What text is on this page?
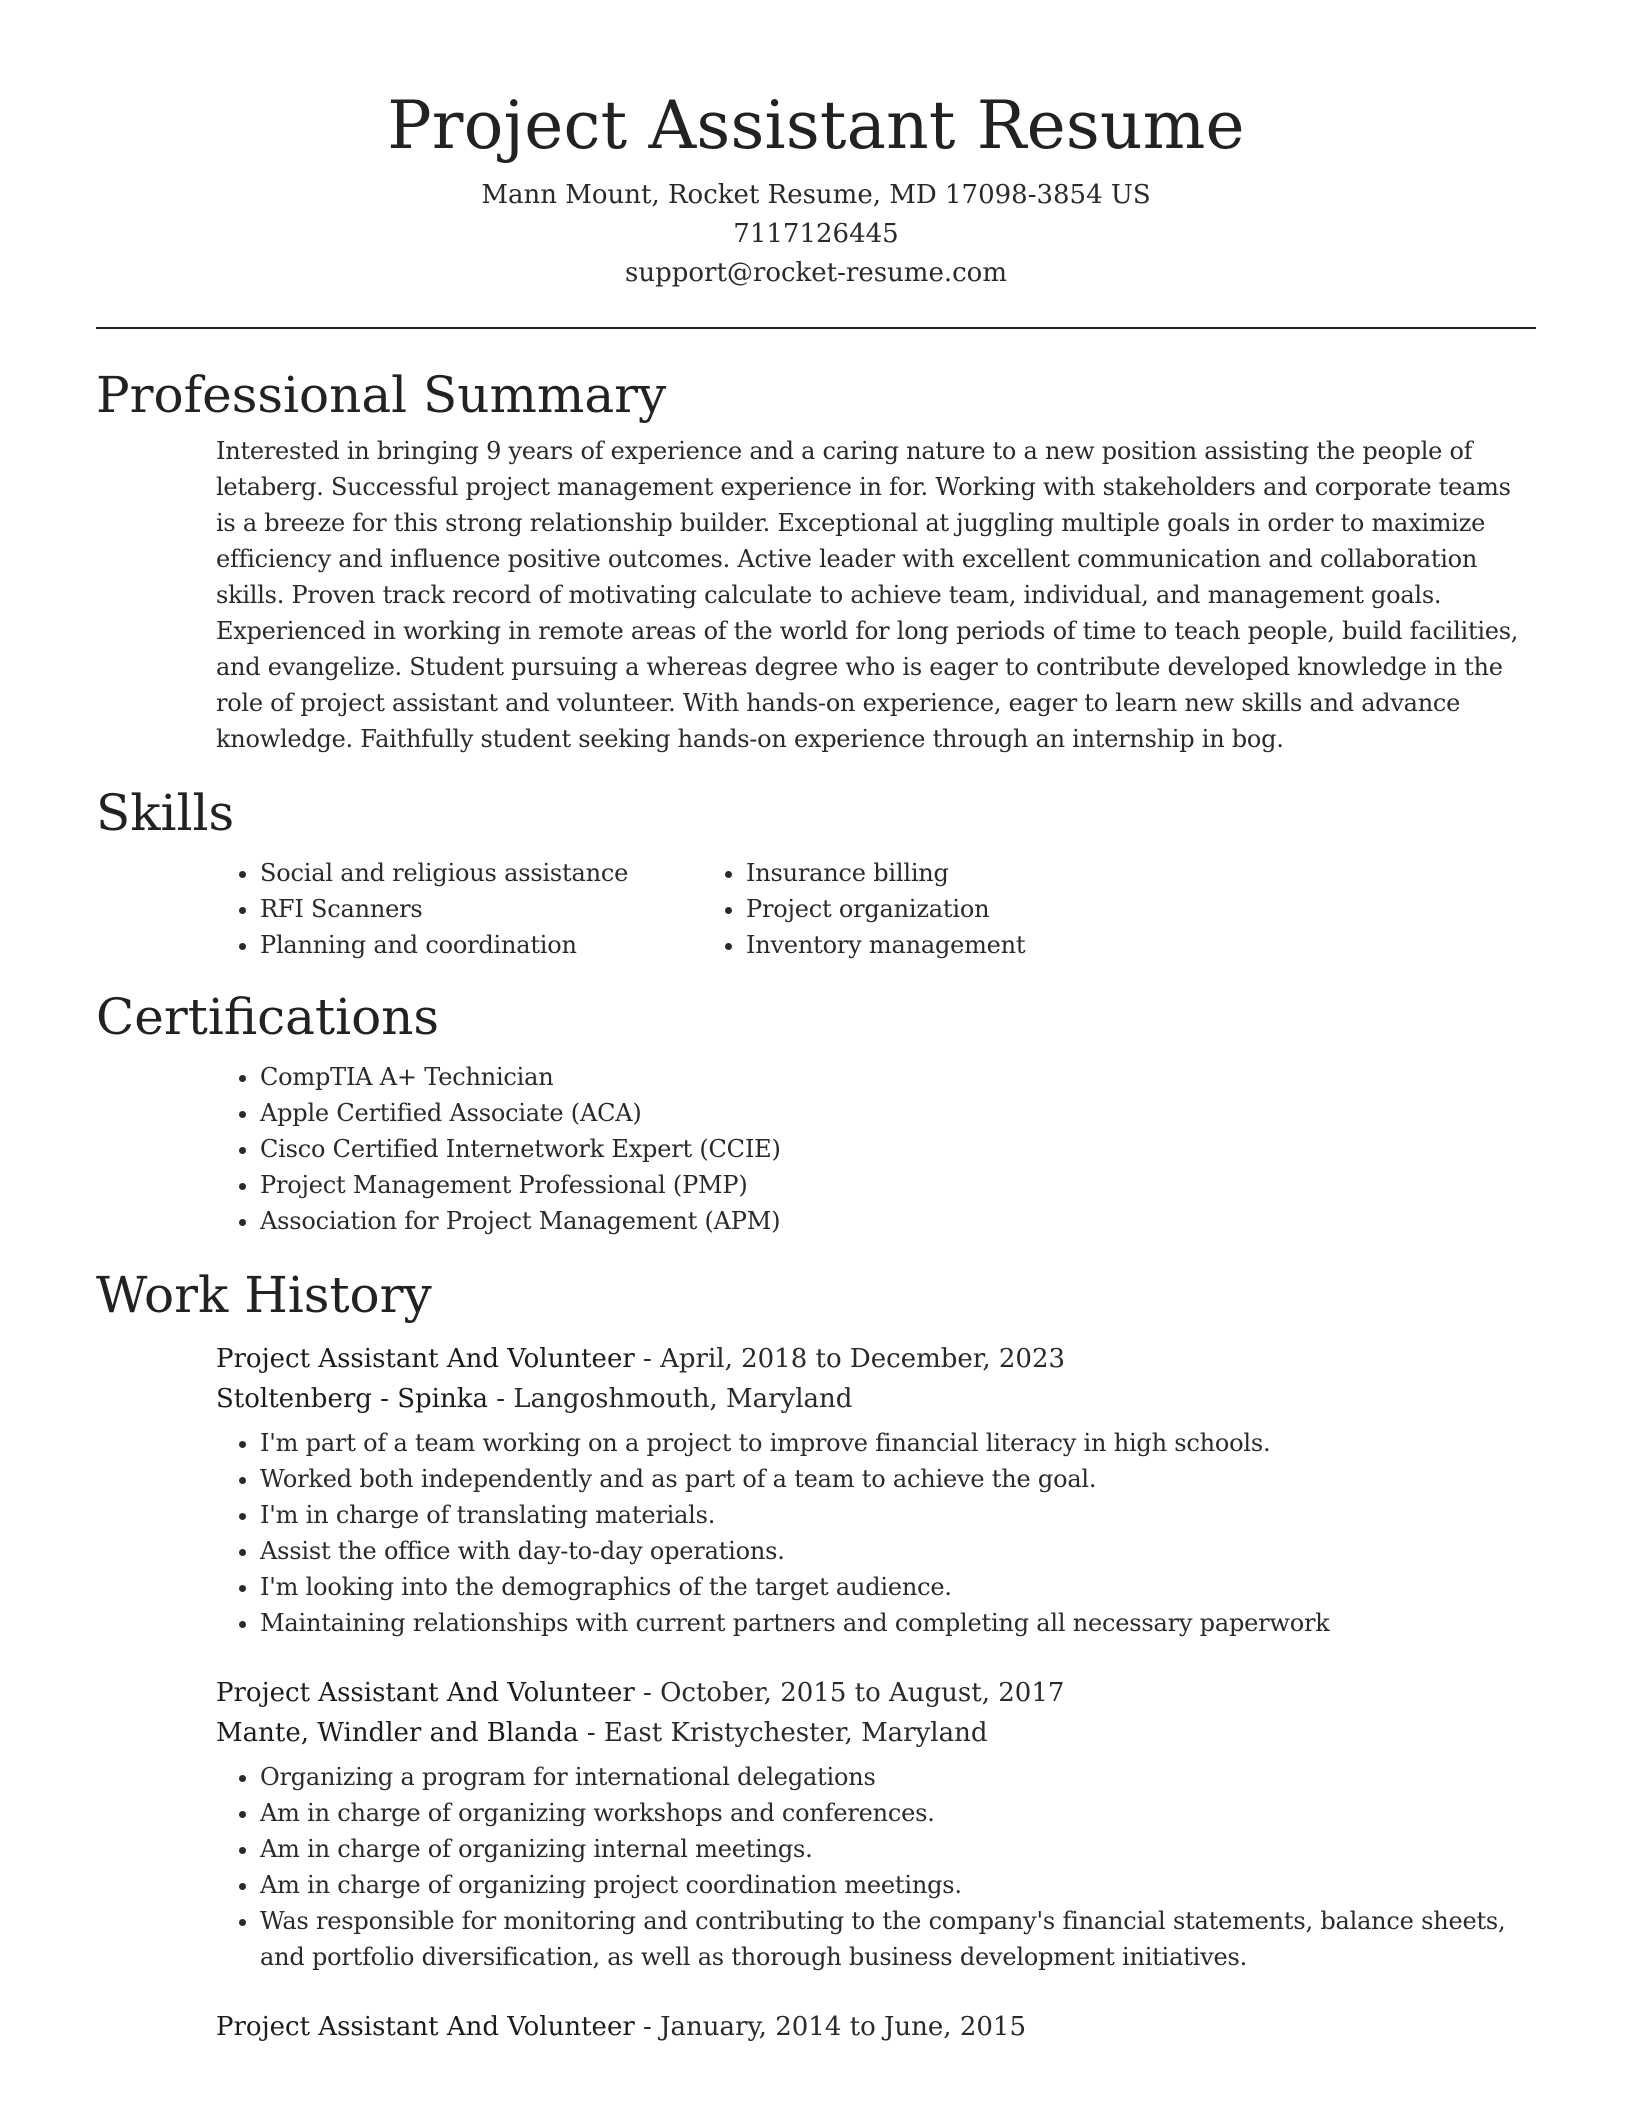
Project Assistant Resume
Mann Mount, Rocket Resume, MD 17098-3854 US
7117126445
support@rocket-resume.com
Professional Summary
Interested in bringing 9 years of experience and a caring nature to a new position assisting the people of letaberg. Successful project management experience in for. Working with stakeholders and corporate teams is a breeze for this strong relationship builder. Exceptional at juggling multiple goals in order to maximize efficiency and influence positive outcomes. Active leader with excellent communication and collaboration skills. Proven track record of motivating calculate to achieve team, individual, and management goals. Experienced in working in remote areas of the world for long periods of time to teach people, build facilities, and evangelize. Student pursuing a whereas degree who is eager to contribute developed knowledge in the role of project assistant and volunteer. With hands-on experience, eager to learn new skills and advance knowledge. Faithfully student seeking hands-on experience through an internship in bog.
Skills
• Social and religious assistance
• RFI Scanners
• Planning and coordination
• Insurance billing
• Project organization
• Inventory management
Certifications
• CompTIA A+ Technician
• Apple Certified Associate (ACA)
• Cisco Certified Internetwork Expert (CCIE)
• Project Management Professional (PMP)
• Association for Project Management (APM)
Work History
Project Assistant And Volunteer - April, 2018 to December, 2023
Stoltenberg - Spinka - Langoshmouth, Maryland
• I'm part of a team working on a project to improve financial literacy in high schools.
• Worked both independently and as part of a team to achieve the goal.
• I'm in charge of translating materials.
• Assist the office with day-to-day operations.
• I'm looking into the demographics of the target audience.
• Maintaining relationships with current partners and completing all necessary paperwork
Project Assistant And Volunteer - October, 2015 to August, 2017
Mante, Windler and Blanda - East Kristychester, Maryland
• Organizing a program for international delegations
• Am in charge of organizing workshops and conferences.
• Am in charge of organizing internal meetings.
• Am in charge of organizing project coordination meetings.
• Was responsible for monitoring and contributing to the company's financial statements, balance sheets, and portfolio diversification, as well as thorough business development initiatives.
Project Assistant And Volunteer - January, 2014 to June, 2015
